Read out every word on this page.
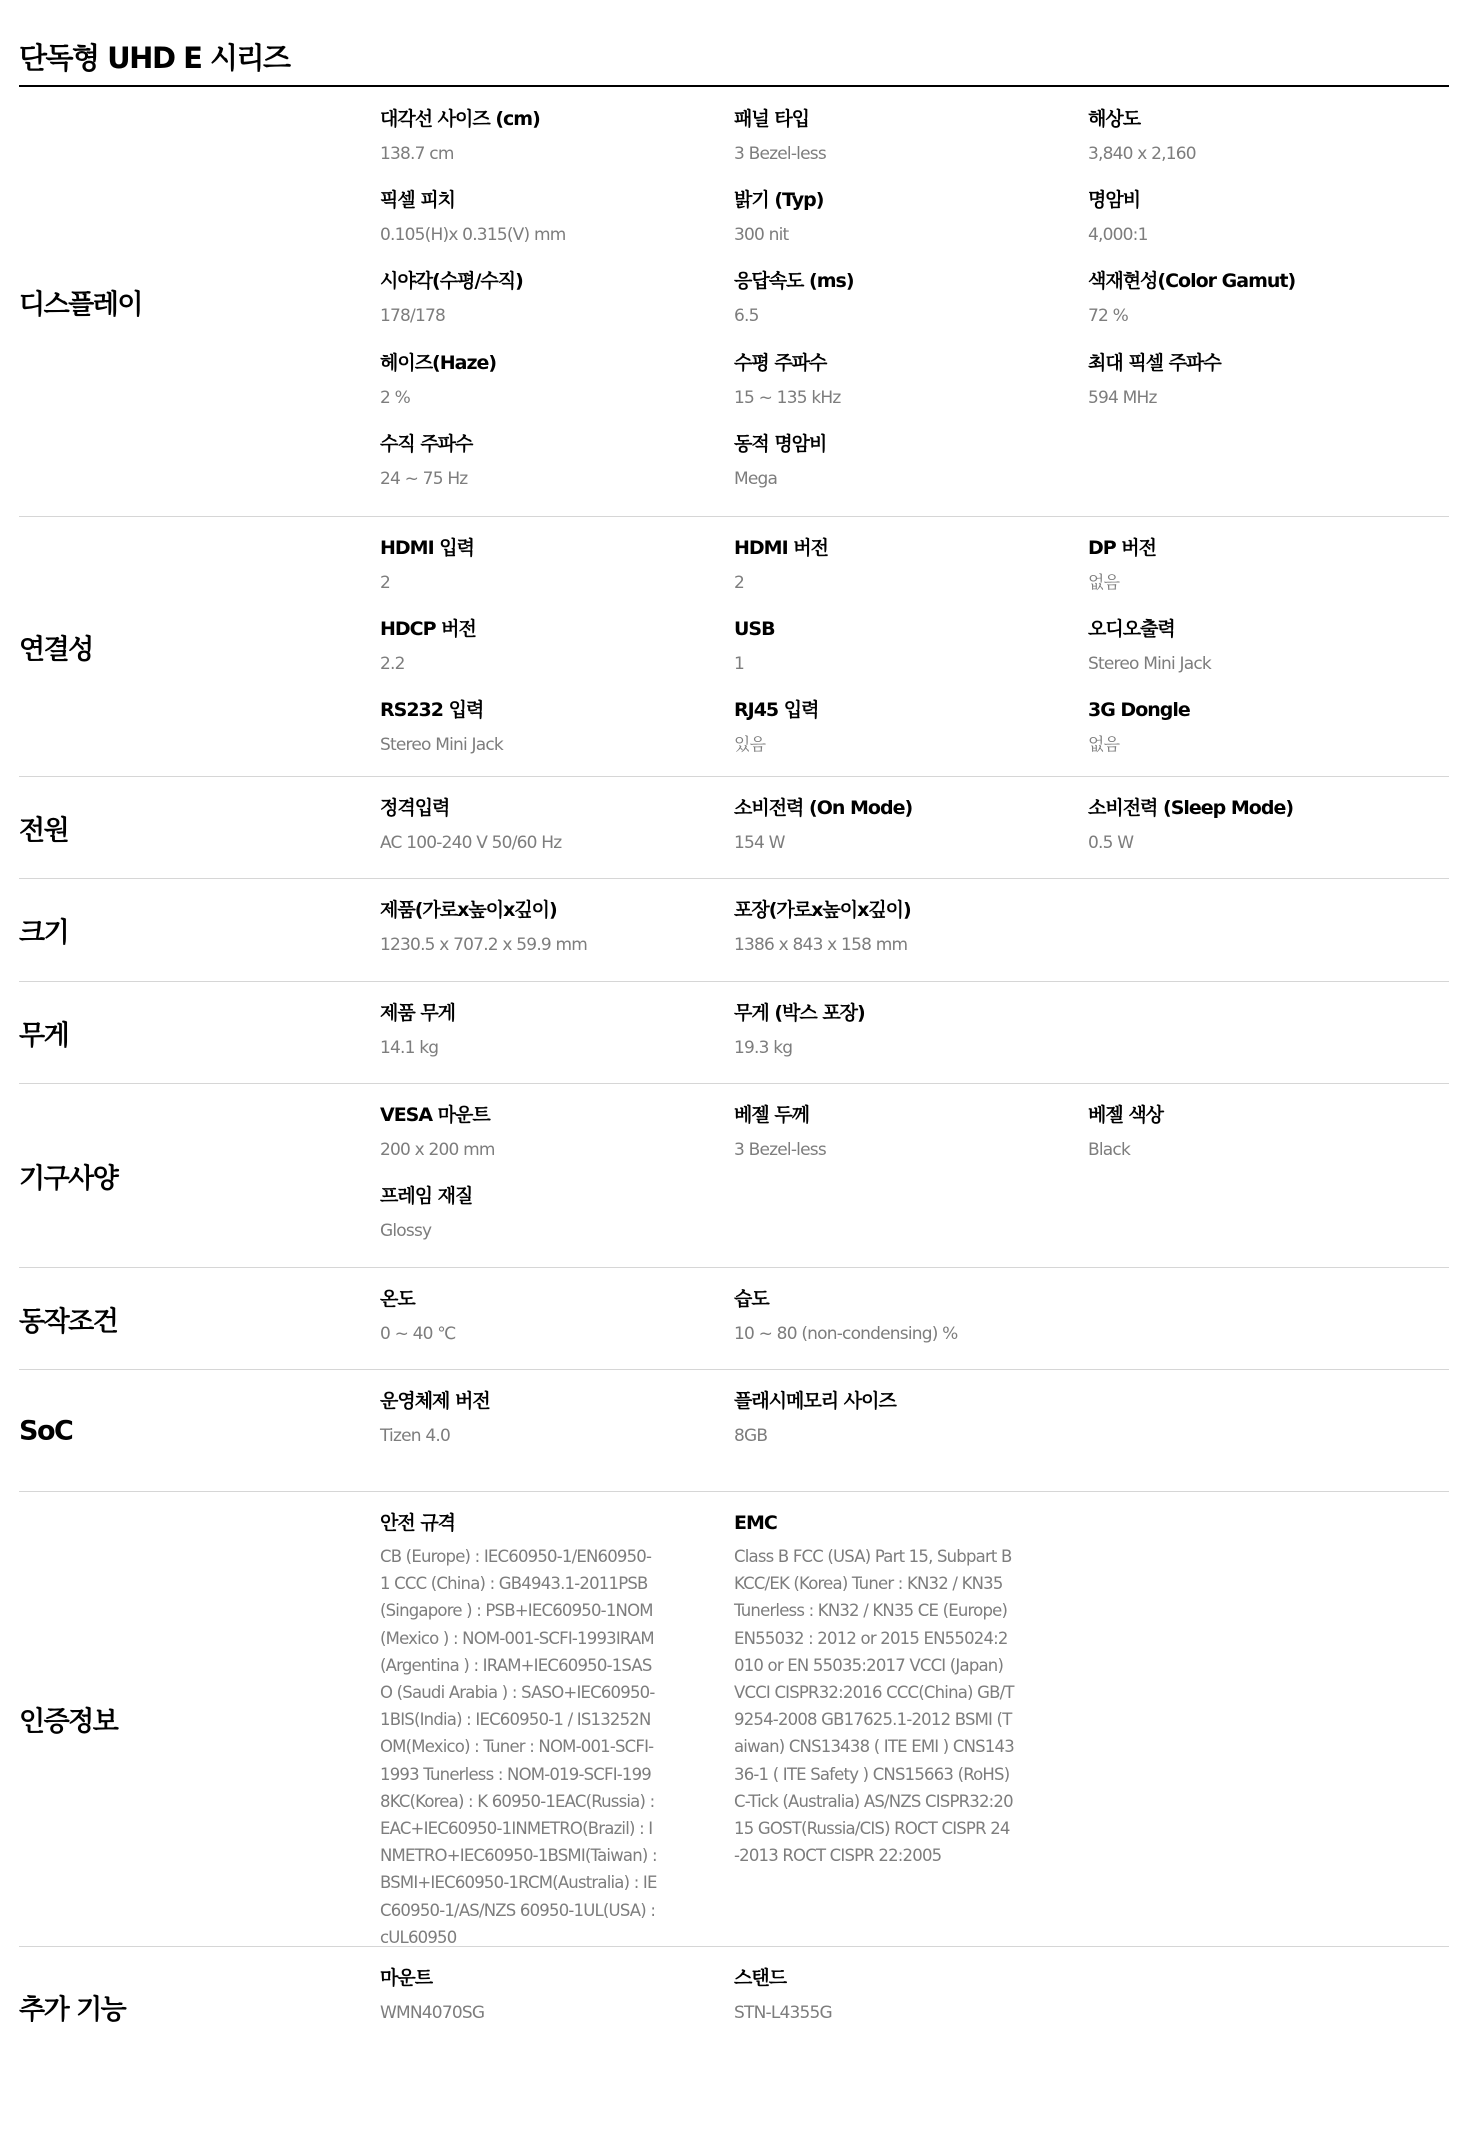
단독형 UHD E 시리즈
디스플레이
대각선 사이즈 (cm)
138.7 cm
패널 타입
3 Bezel-less
해상도
3,840 x 2,160
픽셀 피치
0.105(H)x 0.315(V) mm
밝기 (Typ)
300 nit
명암비
4,000:1
시야각(수평/수직)
178/178
응답속도 (ms)
6.5
색재현성(Color Gamut)
72 %
헤이즈(Haze)
2 %
수평 주파수
15 ~ 135 kHz
최대 픽셀 주파수
594 MHz
수직 주파수
24 ~ 75 Hz
동적 명암비
Mega
연결성
HDMI 입력
2
HDMI 버전
2
DP 버전
없음
HDCP 버전
2.2
USB
1
오디오출력
Stereo Mini Jack
RS232 입력
Stereo Mini Jack
RJ45 입력
있음
3G Dongle
없음
전원
정격입력
AC 100-240 V 50/60 Hz
소비전력 (On Mode)
154 W
소비전력 (Sleep Mode)
0.5 W
크기
제품(가로x높이x깊이)
1230.5 x 707.2 x 59.9 mm
포장(가로x높이x깊이)
1386 x 843 x 158 mm
무게
제품 무게
14.1 kg
무게 (박스 포장)
19.3 kg
기구사양
VESA 마운트
200 x 200 mm
베젤 두께
3 Bezel-less
베젤 색상
Black
프레임 재질
Glossy
동작조건
온도
0 ~ 40 ℃
습도
10 ~ 80 (non-condensing) %
SoC
운영체제 버전
Tizen 4.0
플래시메모리 사이즈
8GB
인증정보
안전 규격
CB (Europe) : IEC60950-1/EN60950-1 CCC (China) : GB4943.1-2011PSB (Singapore ) : PSB+IEC60950-1NOM (Mexico ) : NOM-001-SCFI-1993IRAM (Argentina ) : IRAM+IEC60950-1SASO (Saudi Arabia ) : SASO+IEC60950-1BIS(India) : IEC60950-1 / IS13252NOM(Mexico) : Tuner : NOM-001-SCFI-1993 Tunerless : NOM-019-SCFI-1998KC(Korea) : K 60950-1EAC(Russia) : EAC+IEC60950-1INMETRO(Brazil) : INMETRO+IEC60950-1BSMI(Taiwan) : BSMI+IEC60950-1RCM(Australia) : IEC60950-1/AS/NZS 60950-1UL(USA) : cUL60950
EMC
Class B FCC (USA) Part 15, Subpart B KCC/EK (Korea) Tuner : KN32 / KN35 Tunerless : KN32 / KN35 CE (Europe) EN55032 : 2012 or 2015 EN55024:2010 or EN 55035:2017 VCCI (Japan) VCCI CISPR32:2016 CCC(China) GB/T9254-2008 GB17625.1-2012 BSMI (Taiwan) CNS13438 ( ITE EMI ) CNS14336-1 ( ITE Safety ) CNS15663 (RoHS) C-Tick (Australia) AS/NZS CISPR32:2015 GOST(Russia/CIS) ROCT CISPR 24-2013 ROCT CISPR 22:2005
추가 기능
마운트
WMN4070SG
스탠드
STN-L4355G
